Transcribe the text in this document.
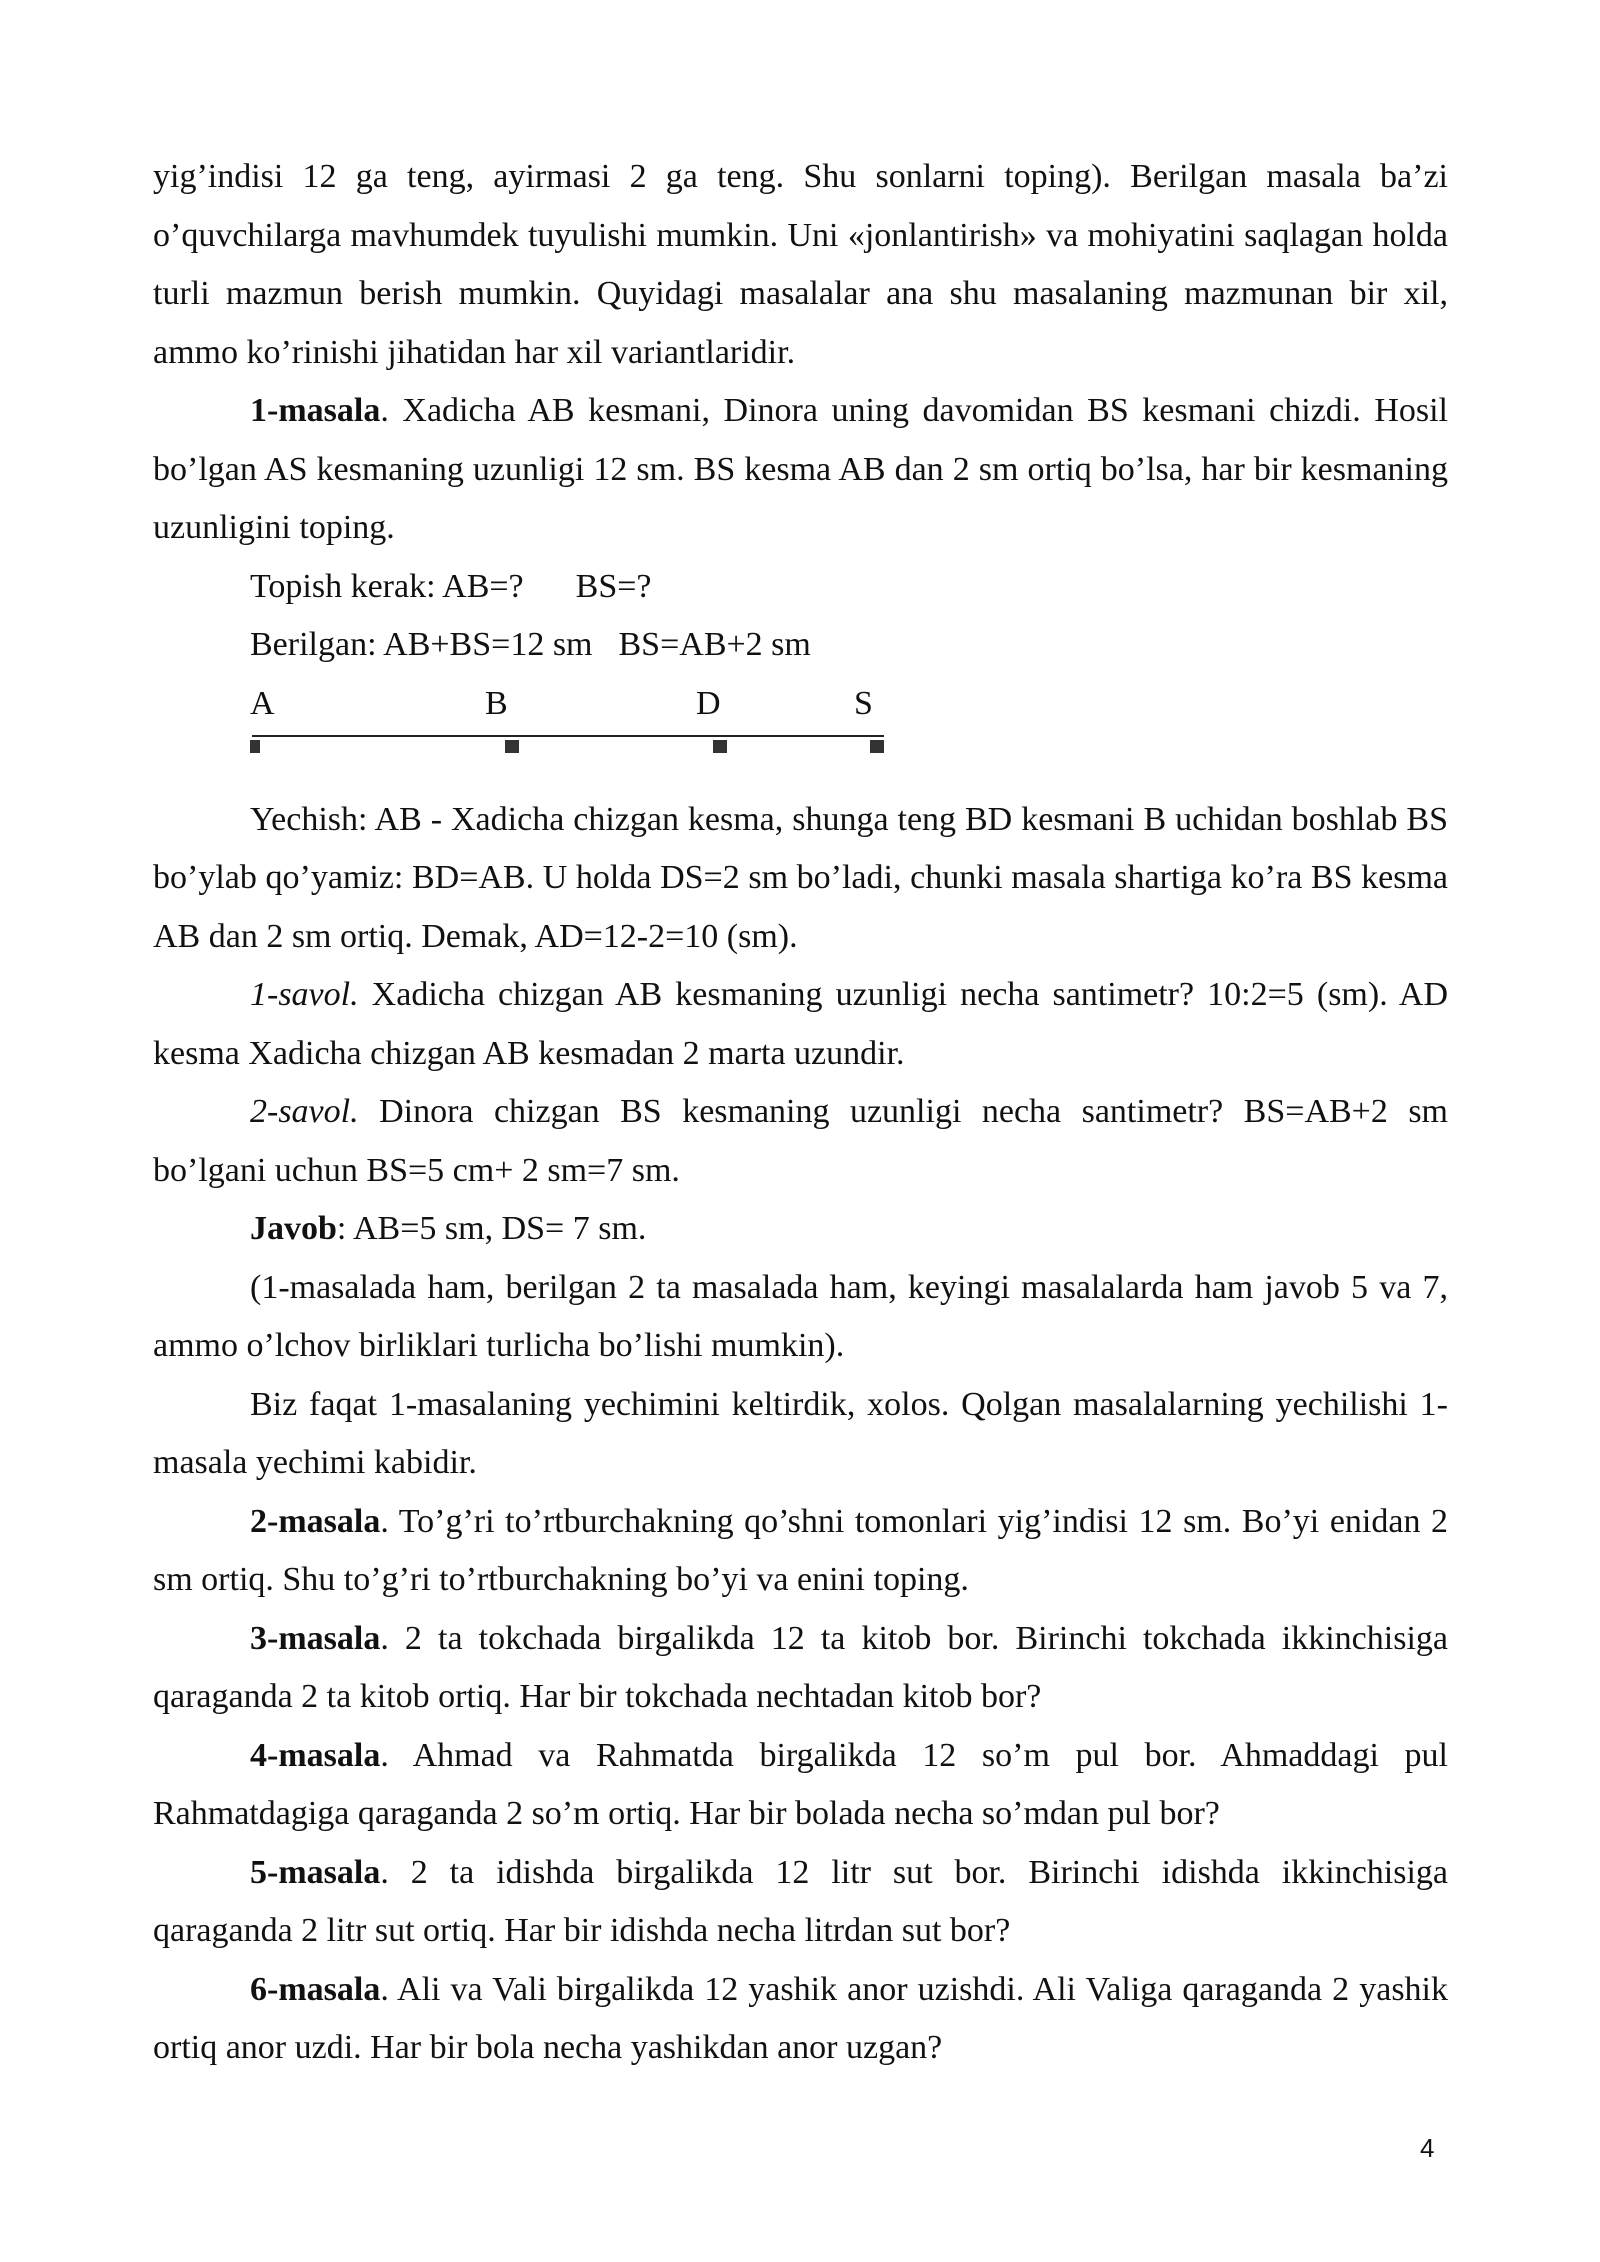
yig’indisi 12 ga teng, ayirmasi 2 ga teng. Shu sonlarni toping). Berilgan masala ba’zi o’quvchilarga mavhumdek tuyulishi mumkin. Uni «jonlantirish» va mohiyatini saqlagan holda turli mazmun berish mumkin. Quyidagi masalalar ana shu masalaning mazmunan bir xil, ammo ko’rinishi jihatidan har xil variantlaridir.

1-masala. Xadicha AB kesmani, Dinora uning davomidan BS kesmani chizdi. Hosil bo’lgan AS kesmaning uzunligi 12 sm. BS kesma AB dan 2 sm ortiq bo’lsa, har bir kesmaning uzunligini toping.

Topish kerak: AB=? BS=?

Berilgan: AB+BS=12 sm BS=AB+2 sm

A	B	D	S

Yechish: AB - Xadicha chizgan kesma, shunga teng BD kesmani B uchidan boshlab BS bo’ylab qo’yamiz: BD=AB. U holda DS=2 sm bo’ladi, chunki masala shartiga ko’ra BS kesma AB dan 2 sm ortiq. Demak, AD=12-2=10 (sm).

1-savol. Xadicha chizgan AB kesmaning uzunligi necha santimetr? 10:2=5 (sm). AD kesma Xadicha chizgan AB kesmadan 2 marta uzundir.

2-savol. Dinora chizgan BS kesmaning uzunligi necha santimetr? BS=AB+2 sm bo’lgani uchun BS=5 cm+ 2 sm=7 sm.

Javob: AB=5 sm, DS= 7 sm.

(1-masalada ham, berilgan 2 ta masalada ham, keyingi masalalarda ham javob 5 va 7, ammo o’lchov birliklari turlicha bo’lishi mumkin).

Biz faqat 1-masalaning yechimini keltirdik, xolos. Qolgan masalalarning yechilishi 1-masala yechimi kabidir.

2-masala. To’g’ri to’rtburchakning qo’shni tomonlari yig’indisi 12 sm. Bo’yi enidan 2 sm ortiq. Shu to’g’ri to’rtburchakning bo’yi va enini toping.

3-masala. 2 ta tokchada birgalikda 12 ta kitob bor. Birinchi tokchada ikkinchisiga qaraganda 2 ta kitob ortiq. Har bir tokchada nechtadan kitob bor?

4-masala. Ahmad va Rahmatda birgalikda 12 so’m pul bor. Ahmaddagi pul Rahmatdagiga qaraganda 2 so’m ortiq. Har bir bolada necha so’mdan pul bor?

5-masala. 2 ta idishda birgalikda 12 litr sut bor. Birinchi idishda ikkinchisiga qaraganda 2 litr sut ortiq. Har bir idishda necha litrdan sut bor?

6-masala. Ali va Vali birgalikda 12 yashik anor uzishdi. Ali Valiga qaraganda 2 yashik ortiq anor uzdi. Har bir bola necha yashikdan anor uzgan?

4
